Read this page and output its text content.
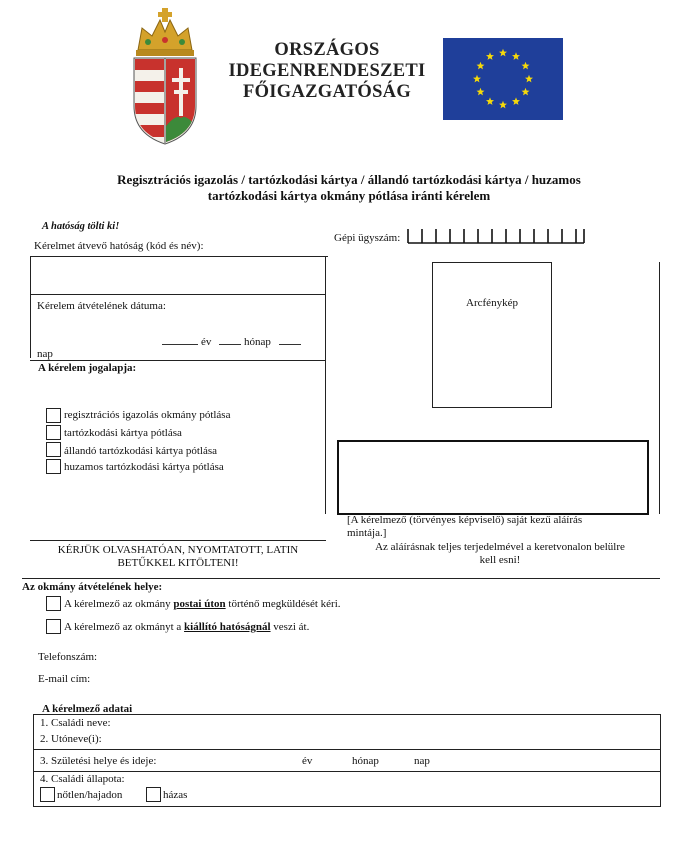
ORSZÁGOS
IDEGENRENDESZETI
FŐIGAZGATÓSÁG
Regisztrációs igazolás / tartózkodási kártya / állandó tartózkodási kártya / huzamos
tartózkodási kártya okmány pótlása iránti kérelem
A hatóság tölti ki!
Kérelmet átvevő hatóság (kód és név):
Gépi ügyszám:
Kérelem átvételének dátuma:
év	hónap
nap
A kérelem jogalapja:
regisztrációs igazolás okmány pótlása
tartózkodási kártya pótlása
állandó tartózkodási kártya pótlása
huzamos tartózkodási kártya pótlása
Arcfénykép
[A kérelmező (törvényes képviselő) saját kezű aláírás
mintája.]
Az aláírásnak teljes terjedelmével a keretvonalon belülre
kell esni!
KÉRJÜK OLVASHATÓAN, NYOMTATOTT, LATIN
BETŰKKEL KITÖLTENI!
Az okmány átvételének helye:
A kérelmező az okmány postai úton történő megküldését kéri.
A kérelmező az okmányt a kiállító hatóságnál veszi át.
Telefonszám:
E-mail cím:
A kérelmező adatai
1. Családi neve:
2. Utóneve(i):
3. Születési helye és ideje:	év	hónap	nap
4. Családi állapota:
nőtlen/hajadon	házas
